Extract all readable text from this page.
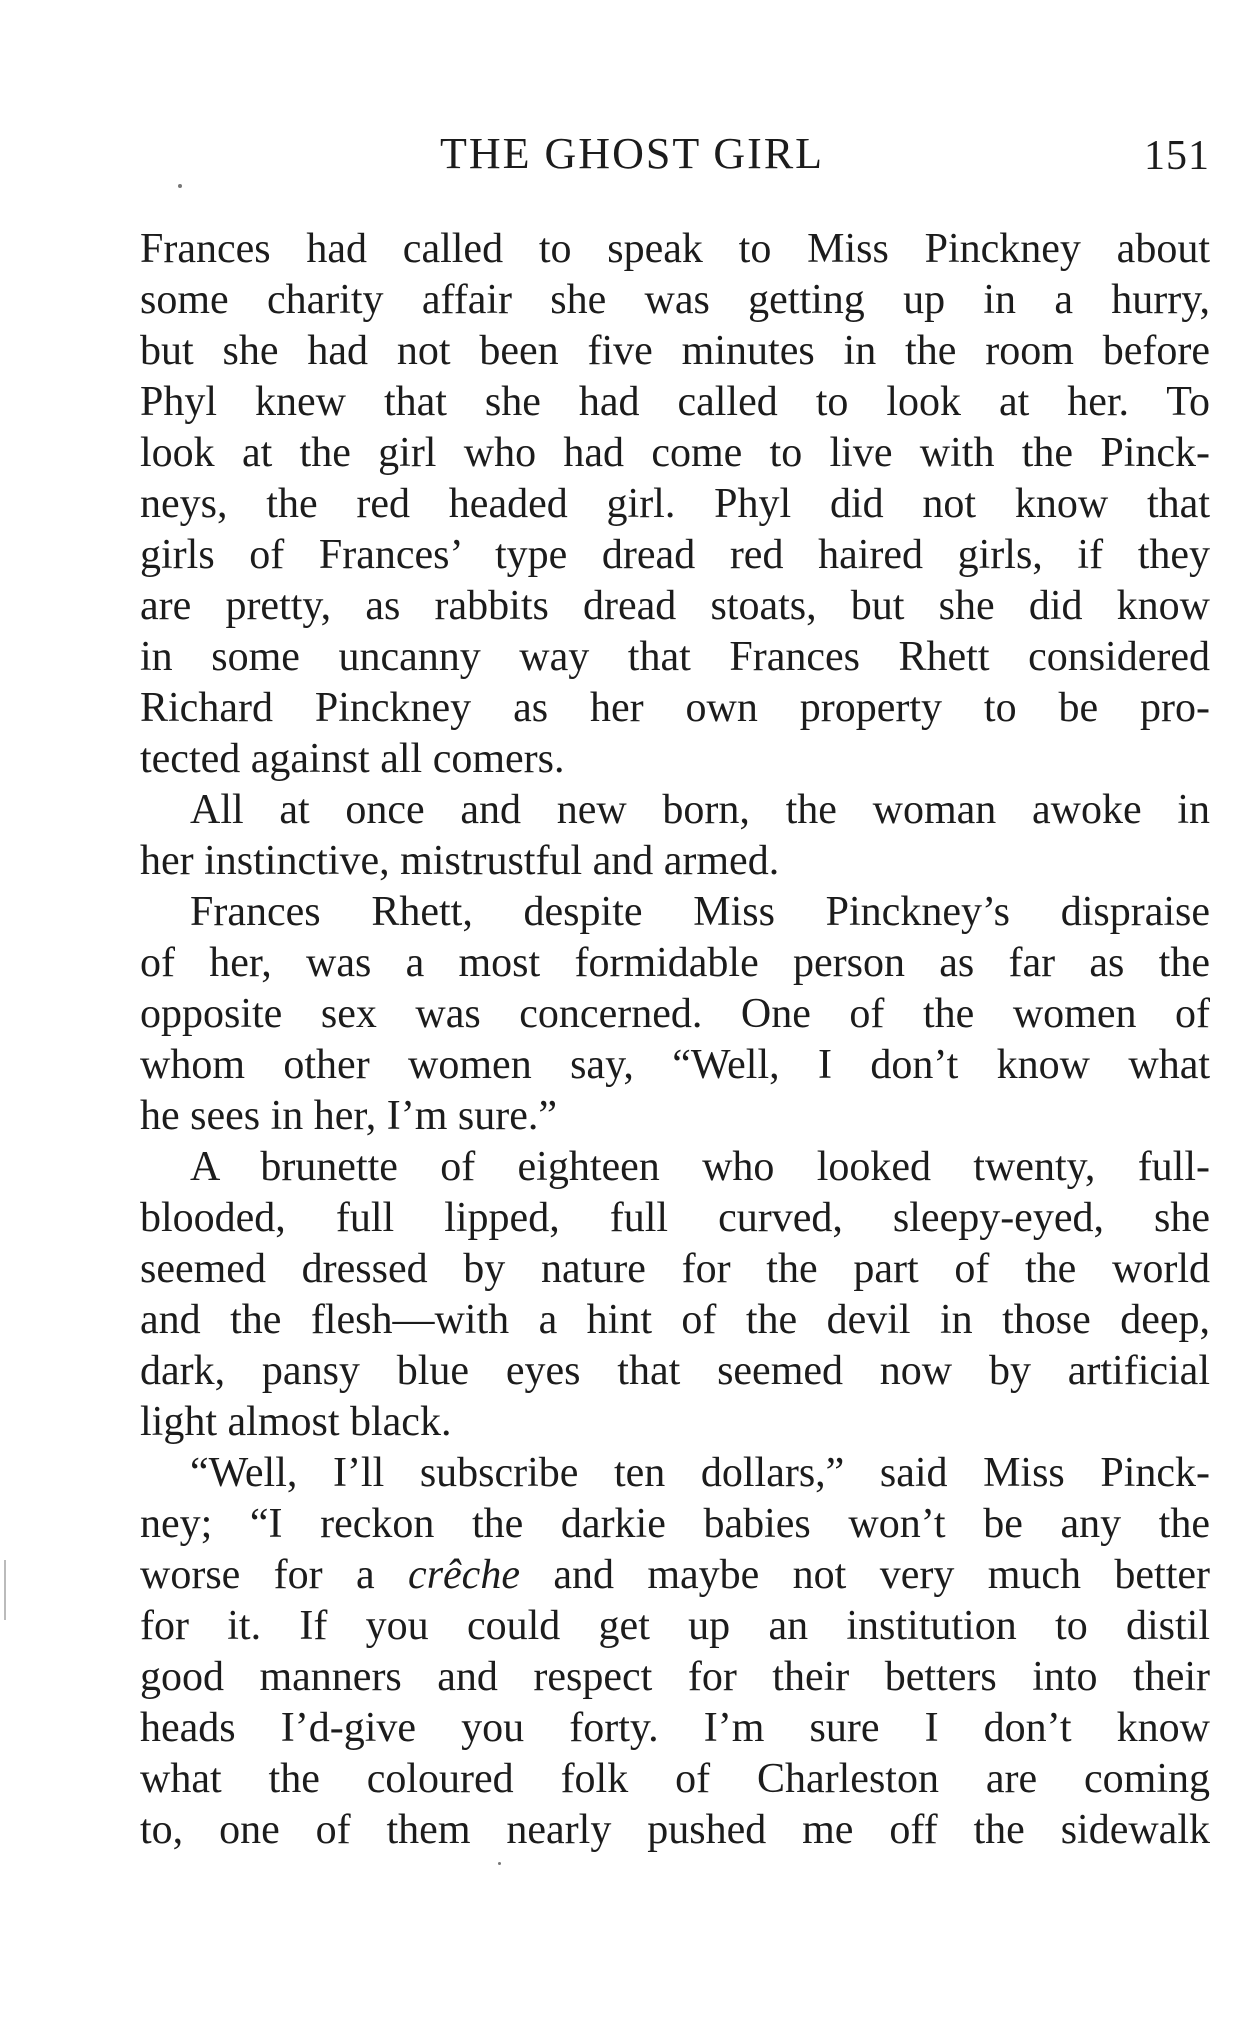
THE GHOST GIRL	151
Frances had called to speak to Miss Pinckney about
some charity affair she was getting up in a hurry,
but she had not been five minutes in the room before
Phyl knew that she had called to look at her. To
look at the girl who had come to live with the Pinck-
neys, the red headed girl. Phyl did not know that
girls of Frances’ type dread red haired girls, if they
are pretty, as rabbits dread stoats, but she did know
in some uncanny way that Frances Rhett considered
Richard Pinckney as her own property to be pro-
tected against all comers.
All at once and new born, the woman awoke in
her instinctive, mistrustful and armed.
Frances Rhett, despite Miss Pinckney’s dispraise
of her, was a most formidable person as far as the
opposite sex was concerned. One of the women of
whom other women say, “Well, I don’t know what
he sees in her, I’m sure.”
A brunette of eighteen who looked twenty, full-
blooded, full lipped, full curved, sleepy-eyed, she
seemed dressed by nature for the part of the world
and the flesh—with a hint of the devil in those deep,
dark, pansy blue eyes that seemed now by artificial
light almost black.
“Well, I’ll subscribe ten dollars,” said Miss Pinck-
ney; “I reckon the darkie babies won’t be any the
worse for a crêche and maybe not very much better
for it. If you could get up an institution to distil
good manners and respect for their betters into their
heads I’d-give you forty. I’m sure I don’t know
what the coloured folk of Charleston are coming
to, one of them nearly pushed me off the sidewalk
